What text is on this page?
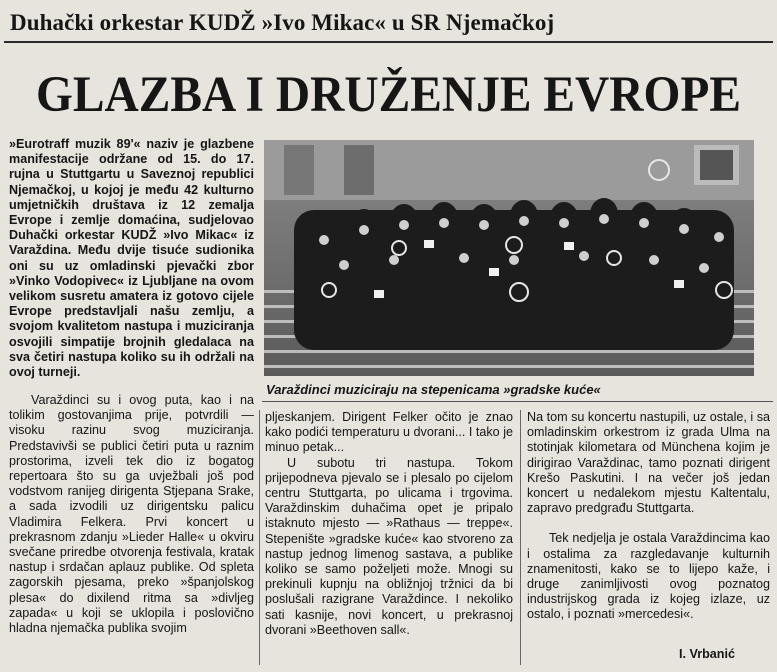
Duhački orkestar KUDŽ »Ivo Mikac« u SR Njemačkoj
GLAZBA I DRUŽENJE EVROPE

»Eurotraff muzik 89'« naziv je glazbene manifestacije održane od 15. do 17. rujna u Stuttgartu u Saveznoj republici Njemačkoj, u kojoj je među 42 kulturno umjetničkih društava iz 12 zemalja Evrope i zemlje domaćina, sudjelovao Duhački orkestar KUDŽ »Ivo Mikac« iz Varaždina. Među dvije tisuće sudionika oni su uz omladinski pjevački zbor »Vinko Vodopivec« iz Ljubljane na ovom velikom susretu amatera iz gotovo cijele Evrope predstavljali našu zemlju, a svojom kvalitetom nastupa i muziciranja osvojili simpatije brojnih gledalaca na sva četiri nastupa koliko su ih održali na ovoj turneji.

Varaždinci muziciraju na stepenicama »gradske kuće«

Varaždinci su i ovog puta, kao i na tolikim gostovanjima prije, potvrdili — visoku razinu svog muziciranja. Predstavivši se publici četiri puta u raznim prostorima, izveli tek dio iz bogatog repertoara što su ga uvježbali još pod vodstvom ranijeg dirigenta Stjepana Srake, a sada izvodili uz dirigentsku palicu Vladimira Felkera. Prvi koncert u prekrasnom zdanju »Lieder Halle« u okviru svečane priredbe otvorenja festivala, kratak nastup i srdačan aplauz publike. Od spleta zagorskih pjesama, preko »španjolskog plesa« do dixilend ritma sa »divljeg zapada« u koji se uklopila i poslovično hladna njemačka publika svojim

pljeskanjem. Dirigent Felker očito je znao kako podići temperaturu u dvorani... I tako je minuo petak...

U subotu tri nastupa. Tokom prijepodneva pjevalo se i plesalo po cijelom centru Stuttgarta, po ulicama i trgovima. Varaždinskim duhačima opet je pripalo istaknuto mjesto — »Rathaus — treppe«. Stepenište »gradske kuće« kao stvoreno za nastup jednog limenog sastava, a publike koliko se samo poželjeti može. Mnogi su prekinuli kupnju na obližnjoj tržnici da bi poslušali razigrane Varaždince. I nekoliko sati kasnije, novi koncert, u prekrasnoj dvorani »Beethoven sall«.

Na tom su koncertu nastupili, uz ostale, i sa omladinskim orkestrom iz grada Ulma na stotinjak kilometara od Münchena kojim je dirigirao Varaždinac, tamo poznati dirigent Krešo Paskutini. I na večer još jedan koncert u nedalekom mjestu Kaltentalu, zapravo predgrađu Stuttgarta.

Tek nedjelja je ostala Varaždincima kao i ostalima za razgledavanje kulturnih znamenitosti, kako se to lijepo kaže, i druge zanimljivosti ovog poznatog industrijskog grada iz kojeg izlaze, uz ostalo, i poznati »mercedesi«.

I. Vrbanić
